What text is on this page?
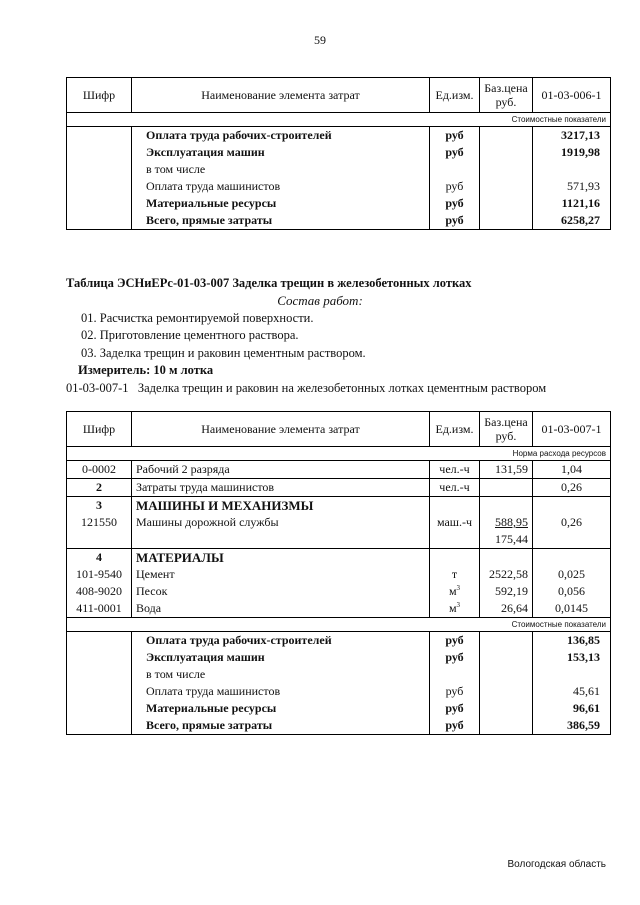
59
Шифр	Наименование элемента затрат	Ед.изм.	Баз.цена руб.	01-03-006-1
Стоимостные показатели				
	Оплата труда рабочих-строителей	руб		3217,13
	Эксплуатация машин	руб		1919,98
	в том числе			
	Оплата труда машинистов	руб		571,93
	Материальные ресурсы	руб		1121,16
	Всего, прямые затраты	руб		6258,27
Таблица ЭСНиЕРс-01-03-007 Заделка трещин в железобетонных лотках
Состав работ:
01. Расчистка ремонтируемой поверхности.
02. Приготовление цементного раствора.
03. Заделка трещин и раковин цементным раствором.
Измеритель: 10 м лотка
01-03-007-1   Заделка трещин и раковин на железобетонных лотках цементным раствором
Шифр	Наименование элемента затрат	Ед.изм.	Баз.цена руб.	01-03-007-1
Норма расхода ресурсов				
0-0002	Рабочий 2 разряда	чел.-ч	131,59	1,04
2	Затраты труда машинистов	чел.-ч		0,26
3	МАШИНЫ И МЕХАНИЗМЫ			
121550	Машины дорожной службы	маш.-ч	588,95	0,26
			175,44	
4	МАТЕРИАЛЫ			
101-9540	Цемент	т	2522,58	0,025
408-9020	Песок	$м^3$	592,19	0,056
411-0001	Вода	$м^3$	26,64	0,0145
Стоимостные показатели				
	Оплата труда рабочих-строителей	руб		136,85
	Эксплуатация машин	руб		153,13
	в том числе			
	Оплата труда машинистов	руб		45,61
	Материальные ресурсы	руб		96,61
	Всего, прямые затраты	руб		386,59
Вологодская область
